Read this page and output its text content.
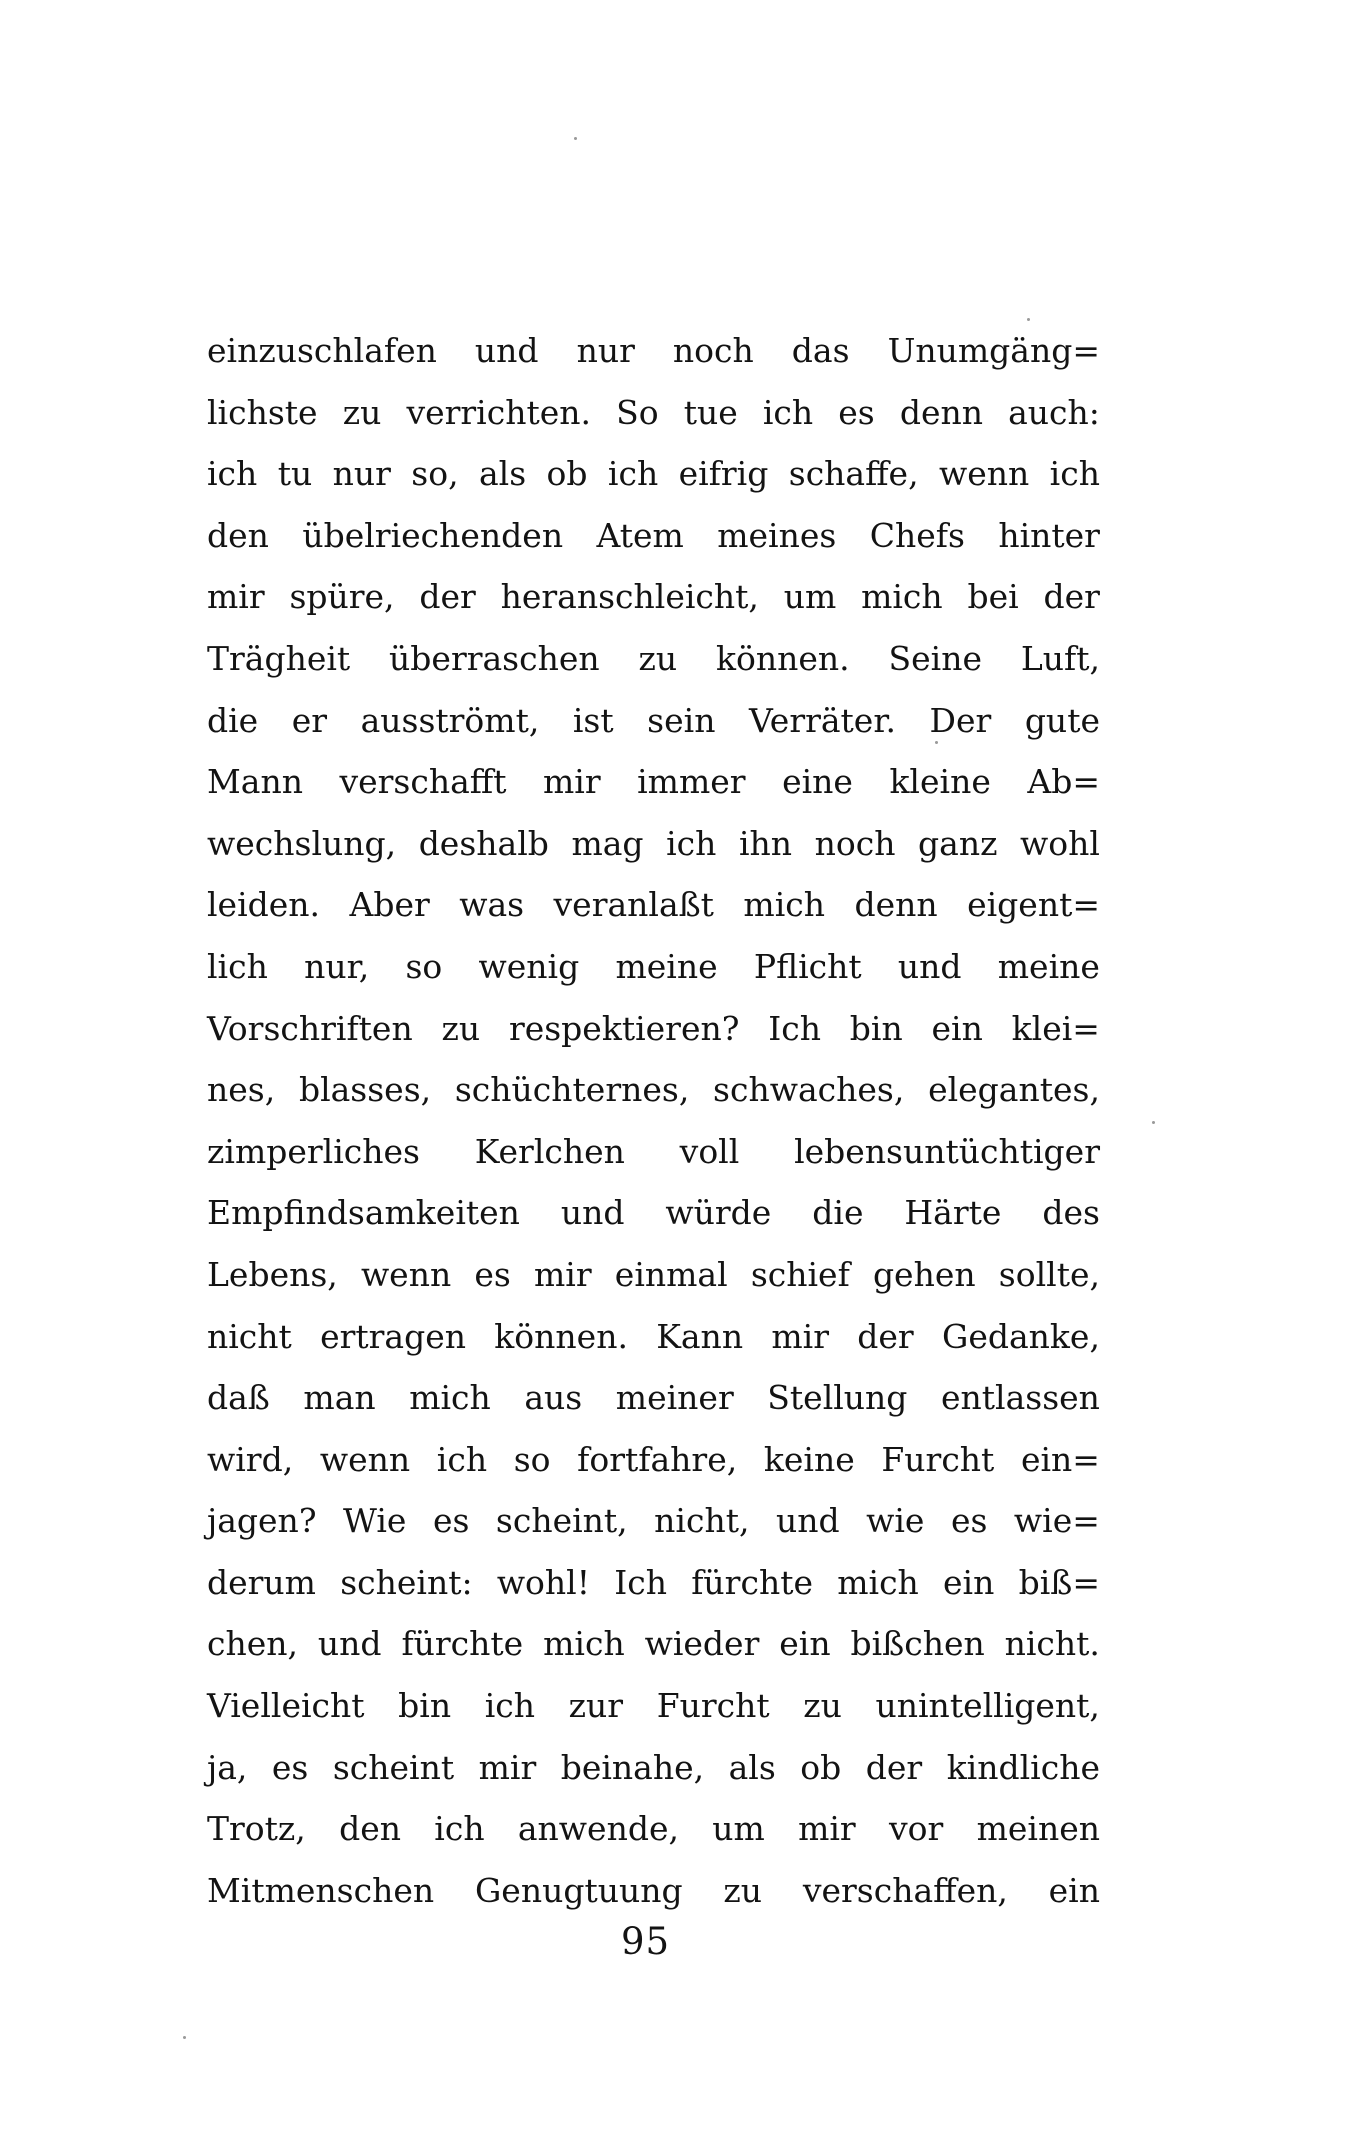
einzuschlafen und nur noch das Unumgäng=
lichste zu verrichten. So tue ich es denn auch:
ich tu nur so, als ob ich eifrig schaffe, wenn ich
den übelriechenden Atem meines Chefs hinter
mir spüre, der heranschleicht, um mich bei der
Trägheit überraschen zu können. Seine Luft,
die er ausströmt, ist sein Verräter. Der gute
Mann verschafft mir immer eine kleine Ab=
wechslung, deshalb mag ich ihn noch ganz wohl
leiden. Aber was veranlaßt mich denn eigent=
lich nur, so wenig meine Pflicht und meine
Vorschriften zu respektieren? Ich bin ein klei=
nes, blasses, schüchternes, schwaches, elegantes,
zimperliches Kerlchen voll lebensuntüchtiger
Empfindsamkeiten und würde die Härte des
Lebens, wenn es mir einmal schief gehen sollte,
nicht ertragen können. Kann mir der Gedanke,
daß man mich aus meiner Stellung entlassen
wird, wenn ich so fortfahre, keine Furcht ein=
jagen? Wie es scheint, nicht, und wie es wie=
derum scheint: wohl! Ich fürchte mich ein biß=
chen, und fürchte mich wieder ein bißchen nicht.
Vielleicht bin ich zur Furcht zu unintelligent,
ja, es scheint mir beinahe, als ob der kindliche
Trotz, den ich anwende, um mir vor meinen
Mitmenschen Genugtuung zu verschaffen, ein
95
